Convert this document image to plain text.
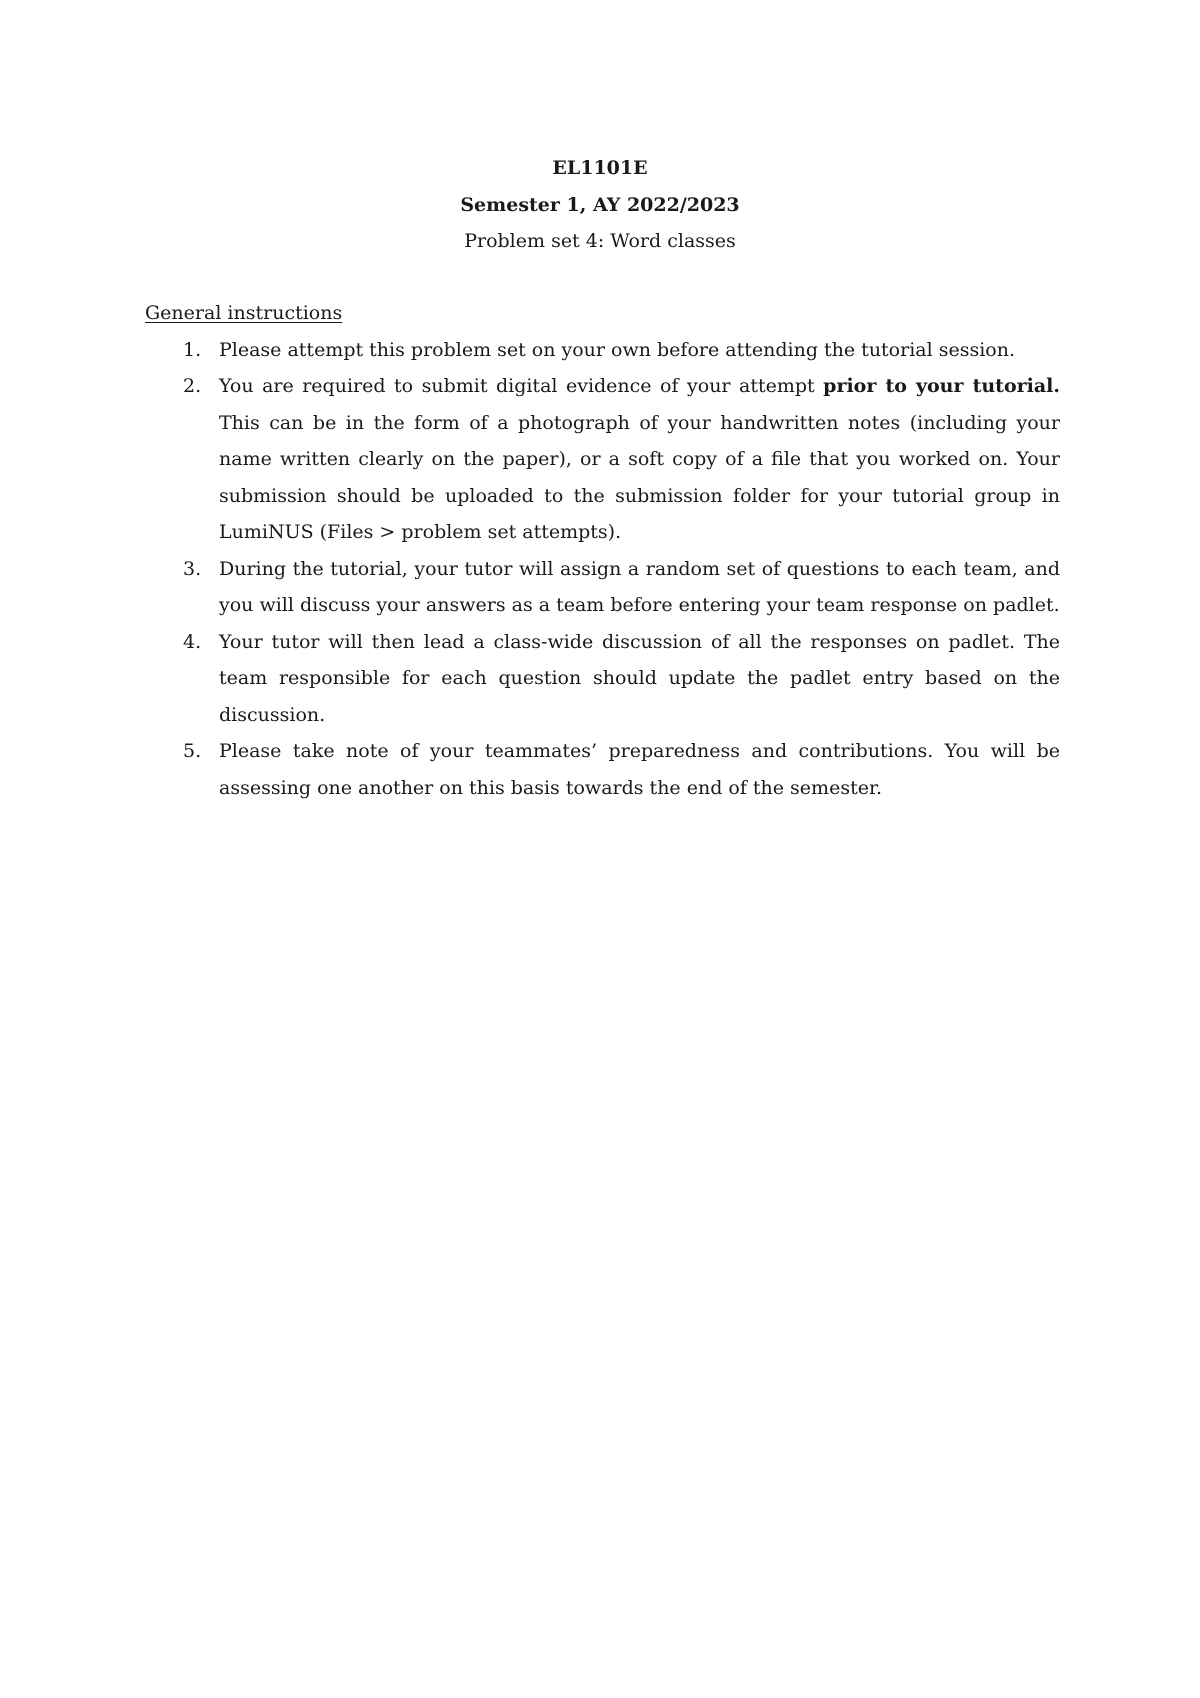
EL1101E
Semester 1, AY 2022/2023
Problem set 4: Word classes
General instructions
1. Please attempt this problem set on your own before attending the tutorial session.
2. You are required to submit digital evidence of your attempt prior to your tutorial. This can be in the form of a photograph of your handwritten notes (including your name written clearly on the paper), or a soft copy of a file that you worked on. Your submission should be uploaded to the submission folder for your tutorial group in LumiNUS (Files > problem set attempts).
3. During the tutorial, your tutor will assign a random set of questions to each team, and you will discuss your answers as a team before entering your team response on padlet.
4. Your tutor will then lead a class-wide discussion of all the responses on padlet. The team responsible for each question should update the padlet entry based on the discussion.
5. Please take note of your teammates’ preparedness and contributions. You will be assessing one another on this basis towards the end of the semester.
